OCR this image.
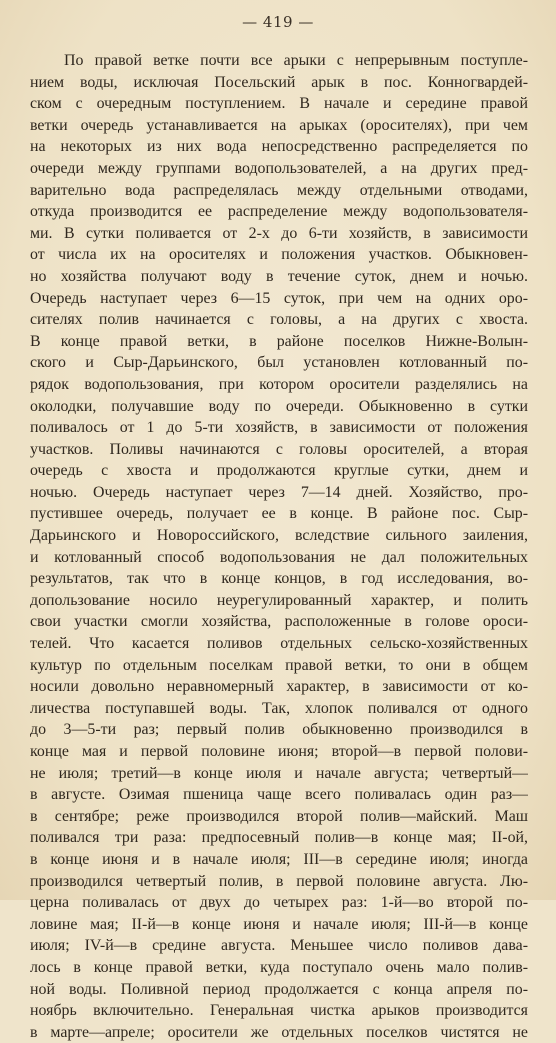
— 419 —
По правой ветке почти все арыки с непрерывным поступле-
нием воды, исключая Посельский арык в пос. Конногвардей-
ском с очередным поступлением. В начале и середине правой
ветки очередь устанавливается на арыках (оросителях), при чем
на некоторых из них вода непосредственно распределяется по
очереди между группами водопользователей, а на других пред-
варительно вода распределялась между отдельными отводами,
откуда производится ее распределение между водопользователя-
ми. В сутки поливается от 2-х до 6-ти хозяйств, в зависимости
от числа их на оросителях и положения участков. Обыкновен-
но хозяйства получают воду в течение суток, днем и ночью.
Очередь наступает через 6—15 суток, при чем на одних оро-
сителях полив начинается с головы, а на других с хвоста.
В конце правой ветки, в районе поселков Нижне-Волын-
ского и Сыр-Дарьинского, был установлен котлованный по-
рядок водопользования, при котором оросители разделялись на
околодки, получавшие воду по очереди. Обыкновенно в сутки
поливалось от 1 до 5-ти хозяйств, в зависимости от положения
участков. Поливы начинаются с головы оросителей, а вторая
очередь с хвоста и продолжаются круглые сутки, днем и
ночью. Очередь наступает через 7—14 дней. Хозяйство, про-
пустившее очередь, получает ее в конце. В районе пос. Сыр-
Дарьинского и Новороссийского, вследствие сильного заиления,
и котлованный способ водопользования не дал положительных
результатов, так что в конце концов, в год исследования, во-
допользование носило неурегулированный характер, и полить
свои участки смогли хозяйства, расположенные в голове ороси-
телей. Что касается поливов отдельных сельско-хозяйственных
культур по отдельным поселкам правой ветки, то они в общем
носили довольно неравномерный характер, в зависимости от ко-
личества поступавшей воды. Так, хлопок поливался от одного
до 3—5-ти раз; первый полив обыкновенно производился в
конце мая и первой половине июня; второй—в первой полови-
не июля; третий—в конце июля и начале августа; четвертый—
в августе. Озимая пшеница чаще всего поливалась один раз—
в сентябре; реже производился второй полив—майский. Маш
поливался три раза: предпосевный полив—в конце мая; II-ой,
в конце июня и в начале июля; III—в середине июля; иногда
производился четвертый полив, в первой половине августа. Лю-
церна поливалась от двух до четырех раз: 1-й—во второй по-
ловине мая; II-й—в конце июня и начале июля; III-й—в конце
июля; IV-й—в средине августа. Меньшее число поливов дава-
лось в конце правой ветки, куда поступало очень мало полив-
ной воды. Поливной период продолжается с конца апреля по-
ноябрь включительно. Генеральная чистка арыков производится
в марте—апреле; оросители же отдельных поселков чистятся не
